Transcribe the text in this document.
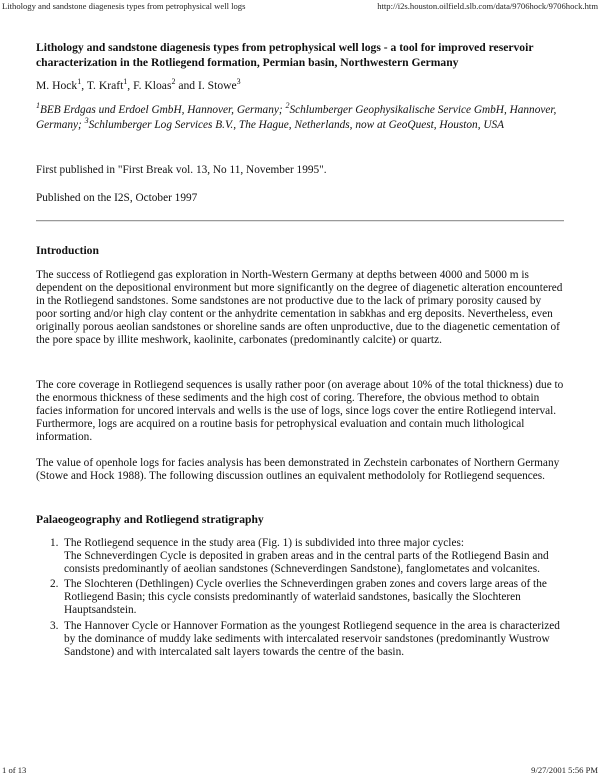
Lithology and sandstone diagenesis types from petrophysical well logs	http://i2s.houston.oilfield.slb.com/data/9706hock/9706hock.htm
Lithology and sandstone diagenesis types from petrophysical well logs - a tool for improved reservoir characterization in the Rotliegend formation, Permian basin, Northwestern Germany

M. Hock$^1$, T. Kraft$^1$, F. Kloas$^2$ and I. Stowe$^3$

$^1$BEB Erdgas und Erdoel GmbH, Hannover, Germany; $^2$Schlumberger Geophysikalische Service GmbH, Hannover, Germany; $^3$Schlumberger Log Services B.V., The Hague, Netherlands, now at GeoQuest, Houston, USA

First published in "First Break vol. 13, No 11, November 1995".

Published on the I2S, October 1997

Introduction

The success of Rotliegend gas exploration in North-Western Germany at depths between 4000 and 5000 m is dependent on the depositional environment but more significantly on the degree of diagenetic alteration encountered in the Rotliegend sandstones. Some sandstones are not productive due to the lack of primary porosity caused by poor sorting and/or high clay content or the anhydrite cementation in sabkhas and erg deposits. Nevertheless, even originally porous aeolian sandstones or shoreline sands are often unproductive, due to the diagenetic cementation of the pore space by illite meshwork, kaolinite, carbonates (predominantly calcite) or quartz.

The core coverage in Rotliegend sequences is usally rather poor (on average about 10% of the total thickness) due to the enormous thickness of these sediments and the high cost of coring. Therefore, the obvious method to obtain facies information for uncored intervals and wells is the use of logs, since logs cover the entire Rotliegend interval. Furthermore, logs are acquired on a routine basis for petrophysical evaluation and contain much lithological information.

The value of openhole logs for facies analysis has been demonstrated in Zechstein carbonates of Northern Germany (Stowe and Hock 1988). The following discussion outlines an equivalent methodololy for Rotliegend sequences.

Palaeogeography and Rotliegend stratigraphy
1. The Rotliegend sequence in the study area (Fig. 1) is subdivided into three major cycles:
The Schneverdingen Cycle is deposited in graben areas and in the central parts of the Rotliegend Basin and consists predominantly of aeolian sandstones (Schneverdingen Sandstone), fanglometates and volcanites.
2. The Slochteren (Dethlingen) Cycle overlies the Schneverdingen graben zones and covers large areas of the Rotliegend Basin; this cycle consists predominantly of waterlaid sandstones, basically the Slochteren Hauptsandstein.
3. The Hannover Cycle or Hannover Formation as the youngest Rotliegend sequence in the area is characterized by the dominance of muddy lake sediments with intercalated reservoir sandstones (predominantly Wustrow Sandstone) and with intercalated salt layers towards the centre of the basin.
1 of 13	9/27/2001 5:56 PM
